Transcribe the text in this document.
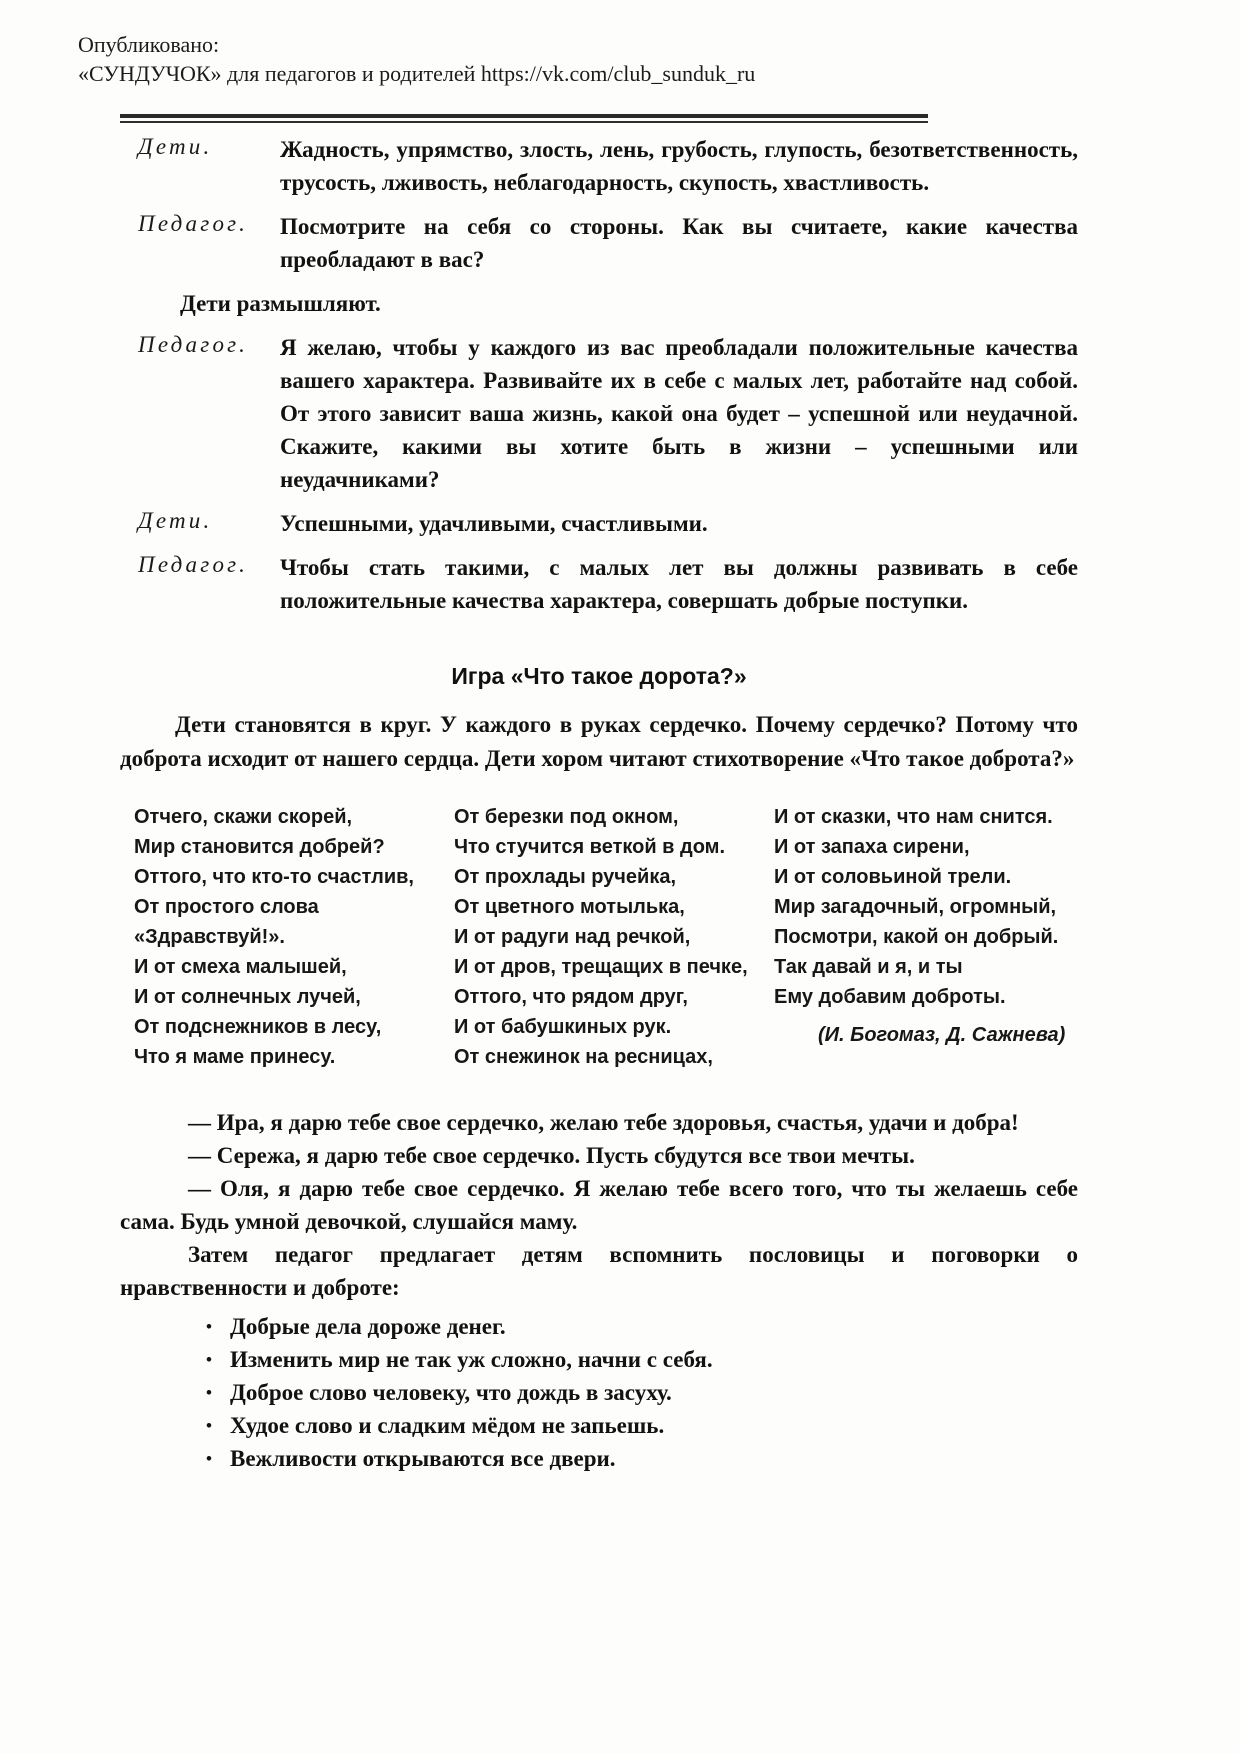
Опубликовано:
«СУНДУЧОК» для педагогов и родителей https://vk.com/club_sunduk_ru
Дети.	Жадность, упрямство, злость, лень, грубость, глупость, безответственность, трусость, лживость, неблагодарность, скупость, хвастливость.
Педагог.	Посмотрите на себя со стороны. Как вы считаете, какие качества преобладают в вас?
Дети размышляют.
Педагог.	Я желаю, чтобы у каждого из вас преобладали положительные качества вашего характера. Развивайте их в себе с малых лет, работайте над собой. От этого зависит ваша жизнь, какой она будет – успешной или неудачной. Скажите, какими вы хотите быть в жизни – успешными или неудачниками?
Дети.	Успешными, удачливыми, счастливыми.
Педагог.	Чтобы стать такими, с малых лет вы должны развивать в себе положительные качества характера, совершать добрые поступки.
Игра «Что такое дорота?»

Дети становятся в круг. У каждого в руках сердечко. Почему сердечко? Потому что доброта исходит от нашего сердца. Дети хором читают стихотворение «Что такое доброта?»

Отчего, скажи скорей,
Мир становится добрей?
Оттого, что кто-то счастлив,
От простого слова
«Здравствуй!».
И от смеха малышей,
И от солнечных лучей,
От подснежников в лесу,
Что я маме принесу.
От березки под окном,
Что стучится веткой в дом.
От прохлады ручейка,
От цветного мотылька,
И от радуги над речкой,
И от дров, трещащих в печке,
Оттого, что рядом друг,
И от бабушкиных рук.
От снежинок на ресницах,
И от сказки, что нам снится.
И от запаха сирени,
И от соловьиной трели.
Мир загадочный, огромный,
Посмотри, какой он добрый.
Так давай и я, и ты
Ему добавим доброты.
(И. Богомаз, Д. Сажнева)

— Ира, я дарю тебе свое сердечко, желаю тебе здоровья, счастья, удачи и добра!

— Сережа, я дарю тебе свое сердечко. Пусть сбудутся все твои мечты.

— Оля, я дарю тебе свое сердечко. Я желаю тебе всего того, что ты желаешь себе сама. Будь умной девочкой, слушайся маму.

Затем педагог предлагает детям вспомнить пословицы и поговорки о нравственности и доброте:

• Добрые дела дороже денег.
• Изменить мир не так уж сложно, начни с себя.
• Доброе слово человеку, что дождь в засуху.
• Худое слово и сладким мёдом не запьешь.
• Вежливости открываются все двери.
